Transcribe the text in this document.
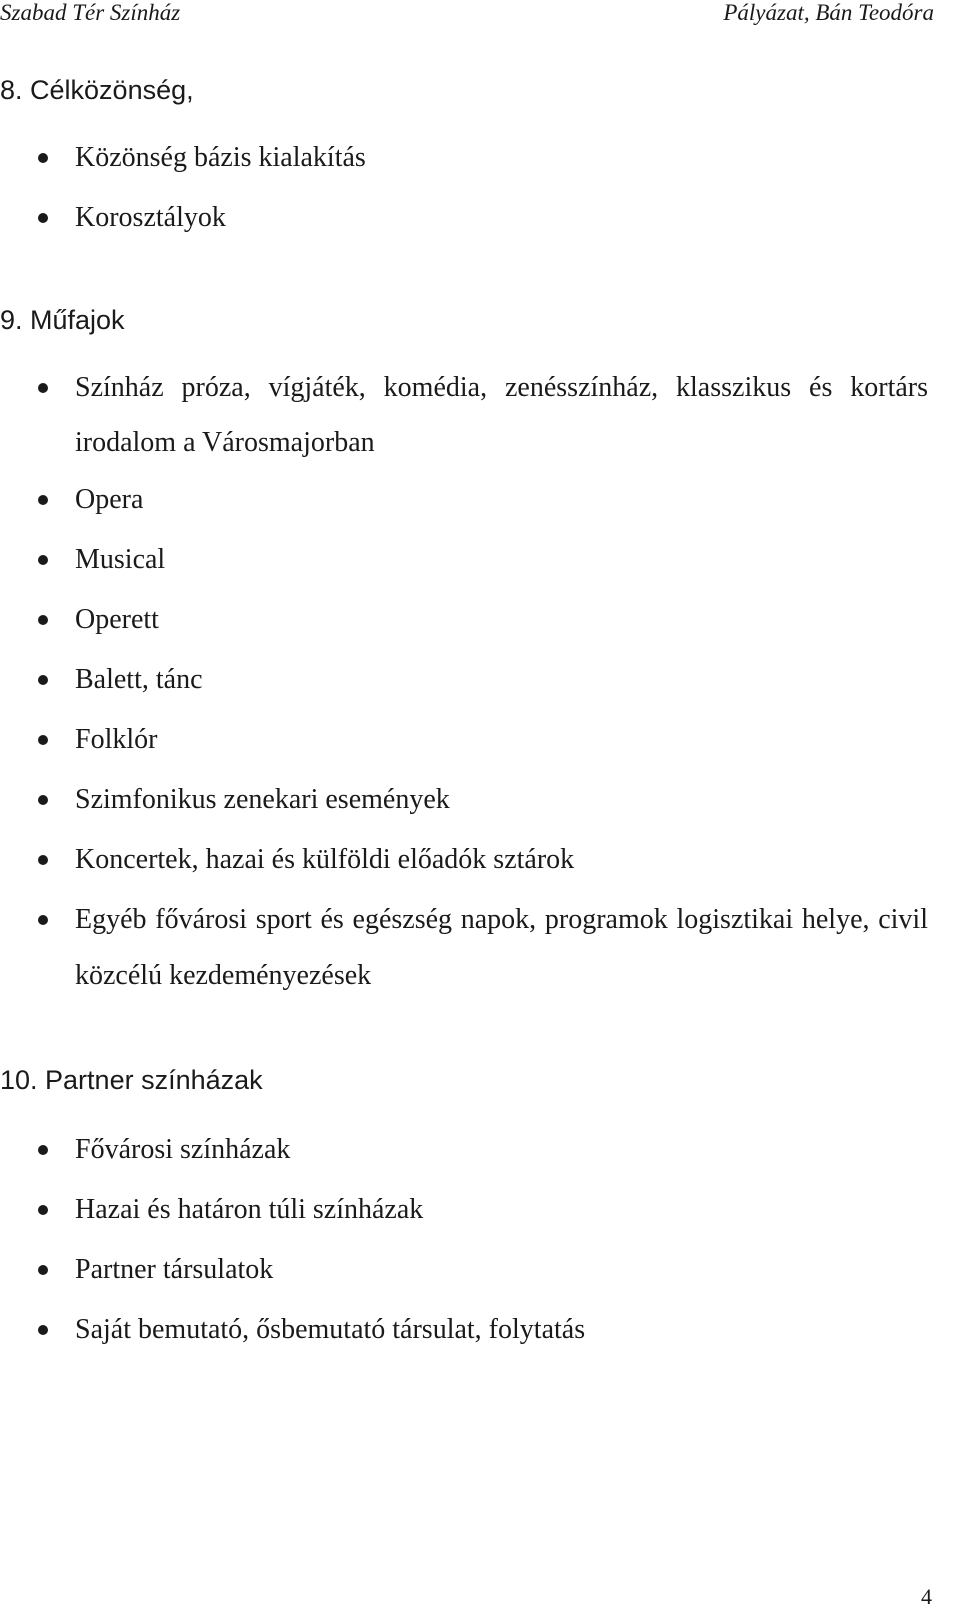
Szabad Tér Színház	Pályázat, Bán Teodóra
8. Célközönség,
Közönség bázis kialakítás
Korosztályok
9. Műfajok
Színház próza, vígjáték, komédia, zenésszínház, klasszikus és kortárs irodalom a Városmajorban
Opera
Musical
Operett
Balett, tánc
Folklór
Szimfonikus zenekari események
Koncertek, hazai és külföldi előadók sztárok
Egyéb fővárosi sport és egészség napok, programok logisztikai helye, civil közcélú kezdeményezések
10. Partner színházak
Fővárosi színházak
Hazai és határon túli színházak
Partner társulatok
Saját bemutató, ősbemutató társulat, folytatás
4
